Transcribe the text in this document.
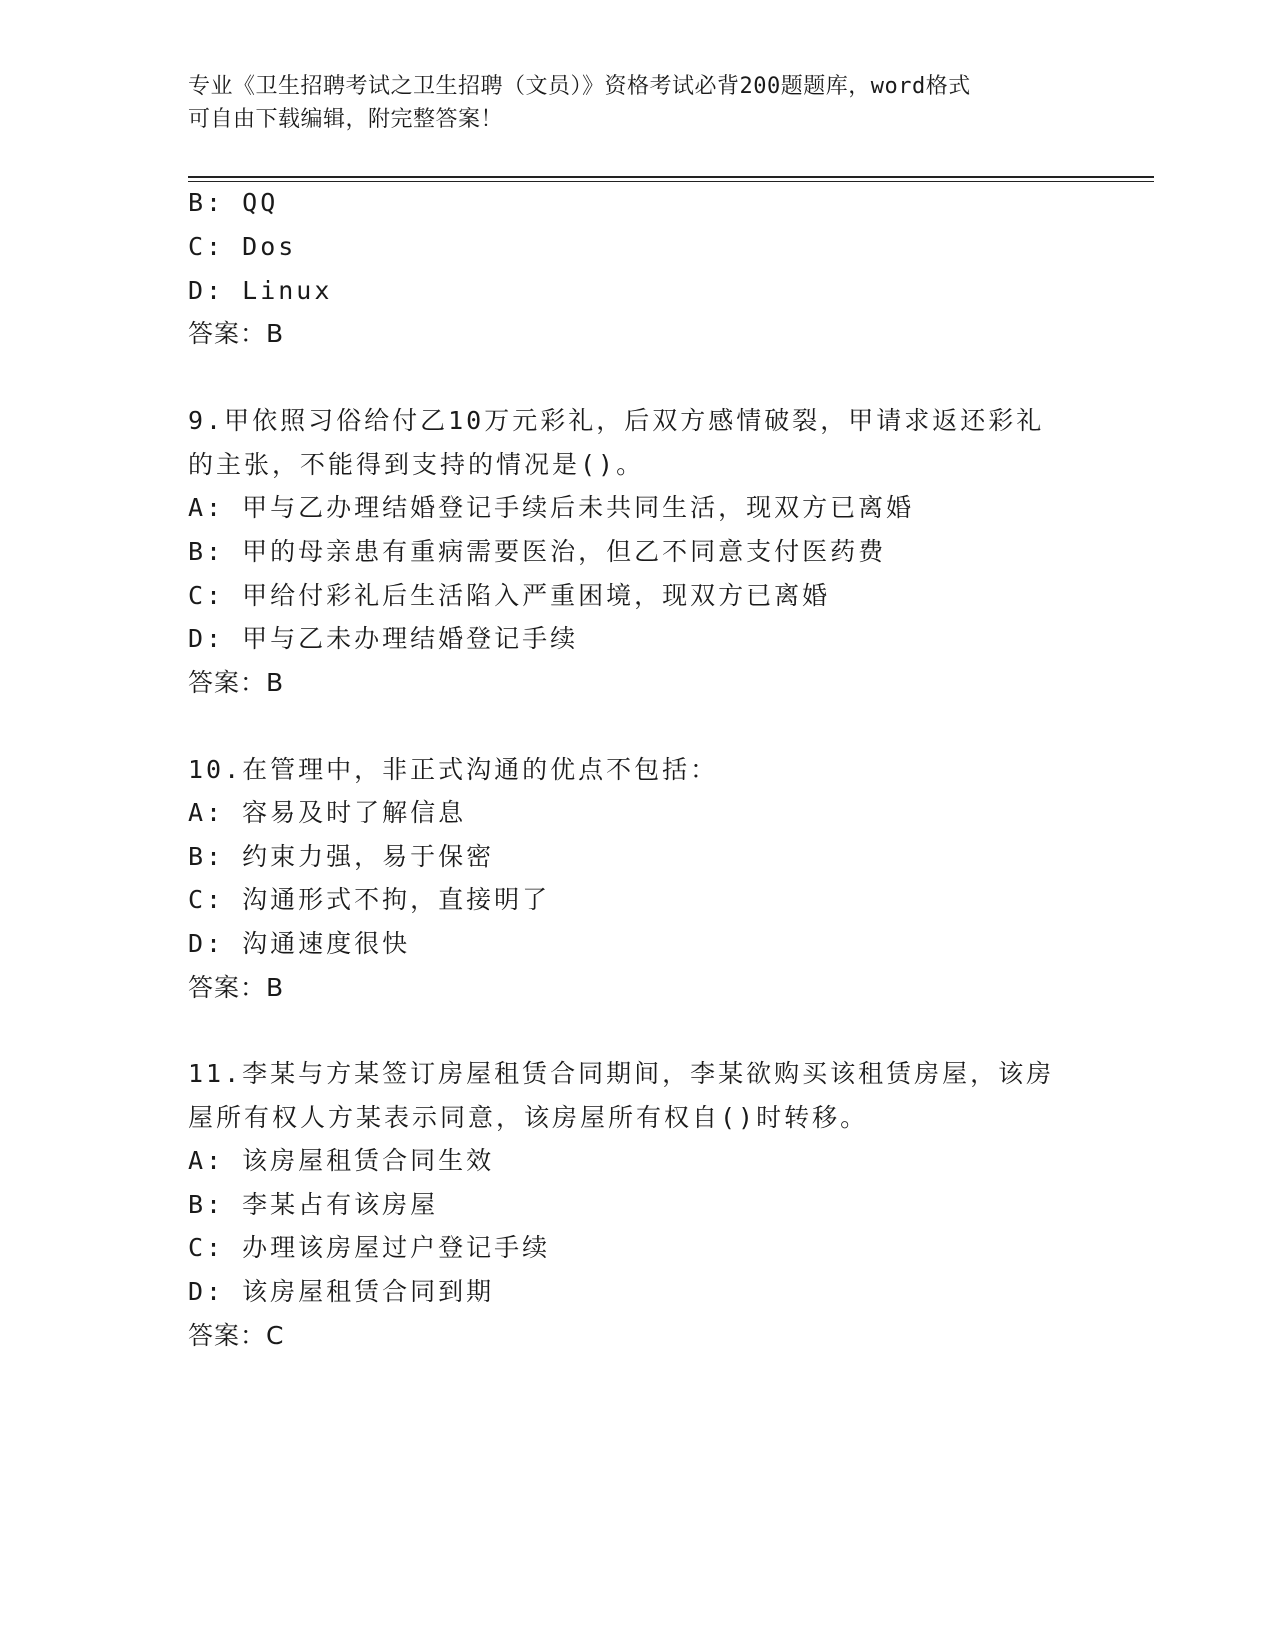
专业《卫生招聘考试之卫生招聘（文员）》资格考试必背200题题库，word格式
可自由下载编辑，附完整答案！
B: QQ
C: Dos
D: Linux
答案：B
9.甲依照习俗给付乙10万元彩礼，后双方感情破裂，甲请求返还彩礼
的主张，不能得到支持的情况是()。
A: 甲与乙办理结婚登记手续后未共同生活，现双方已离婚
B: 甲的母亲患有重病需要医治，但乙不同意支付医药费
C: 甲给付彩礼后生活陷入严重困境，现双方已离婚
D: 甲与乙未办理结婚登记手续
答案：B
10.在管理中，非正式沟通的优点不包括：
A: 容易及时了解信息
B: 约束力强，易于保密
C: 沟通形式不拘，直接明了
D: 沟通速度很快
答案：B
11.李某与方某签订房屋租赁合同期间，李某欲购买该租赁房屋，该房
屋所有权人方某表示同意，该房屋所有权自()时转移。
A: 该房屋租赁合同生效
B: 李某占有该房屋
C: 办理该房屋过户登记手续
D: 该房屋租赁合同到期
答案：C
